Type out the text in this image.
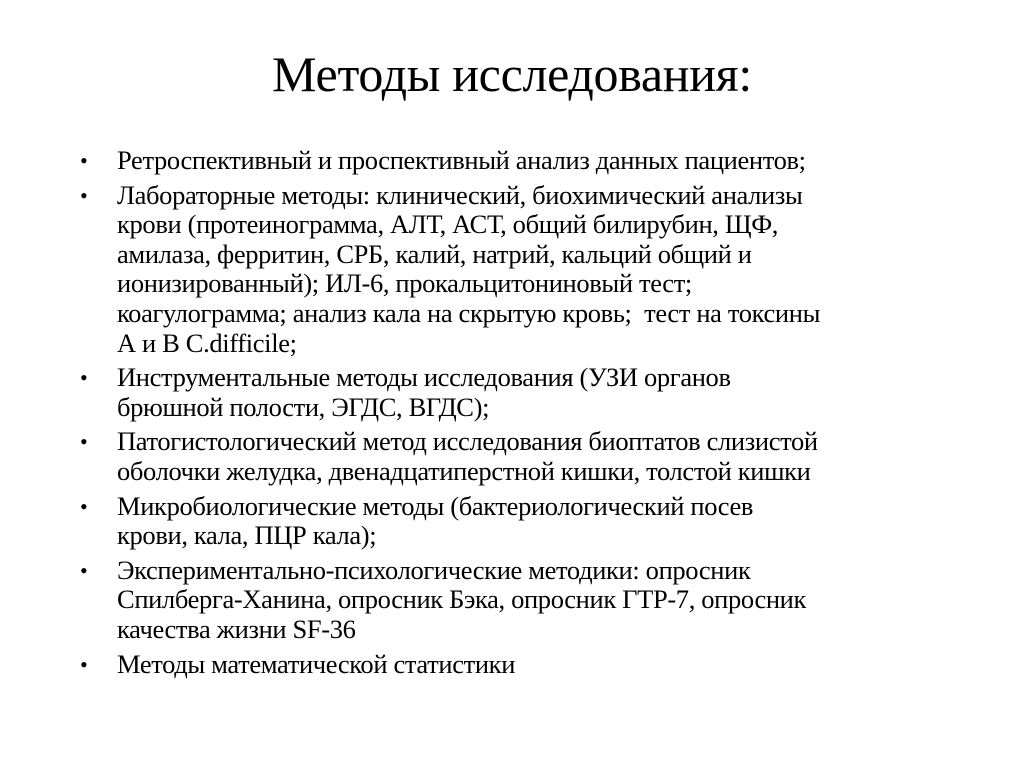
Методы исследования:
• Ретроспективный и проспективный анализ данных пациентов;
• Лабораторные методы: клинический, биохимический анализы
крови (протеинограмма, АЛТ, АСТ, общий билирубин, ЩФ,
амилаза, ферритин, СРБ, калий, натрий, кальций общий и
ионизированный); ИЛ-6, прокальцитониновый тест;
коагулограмма; анализ кала на скрытую кровь;  тест на токсины
А и В C.difficile;
• Инструментальные методы исследования (УЗИ органов
брюшной полости, ЭГДС, ВГДС);
• Патогистологический метод исследования биоптатов слизистой
оболочки желудка, двенадцатиперстной кишки, толстой кишки
• Микробиологические методы (бактериологический посев
крови, кала, ПЦР кала);
• Экспериментально-психологические методики: опросник
Спилберга-Ханина, опросник Бэка, опросник ГТР-7, опросник
качества жизни SF-36
• Методы математической статистики
